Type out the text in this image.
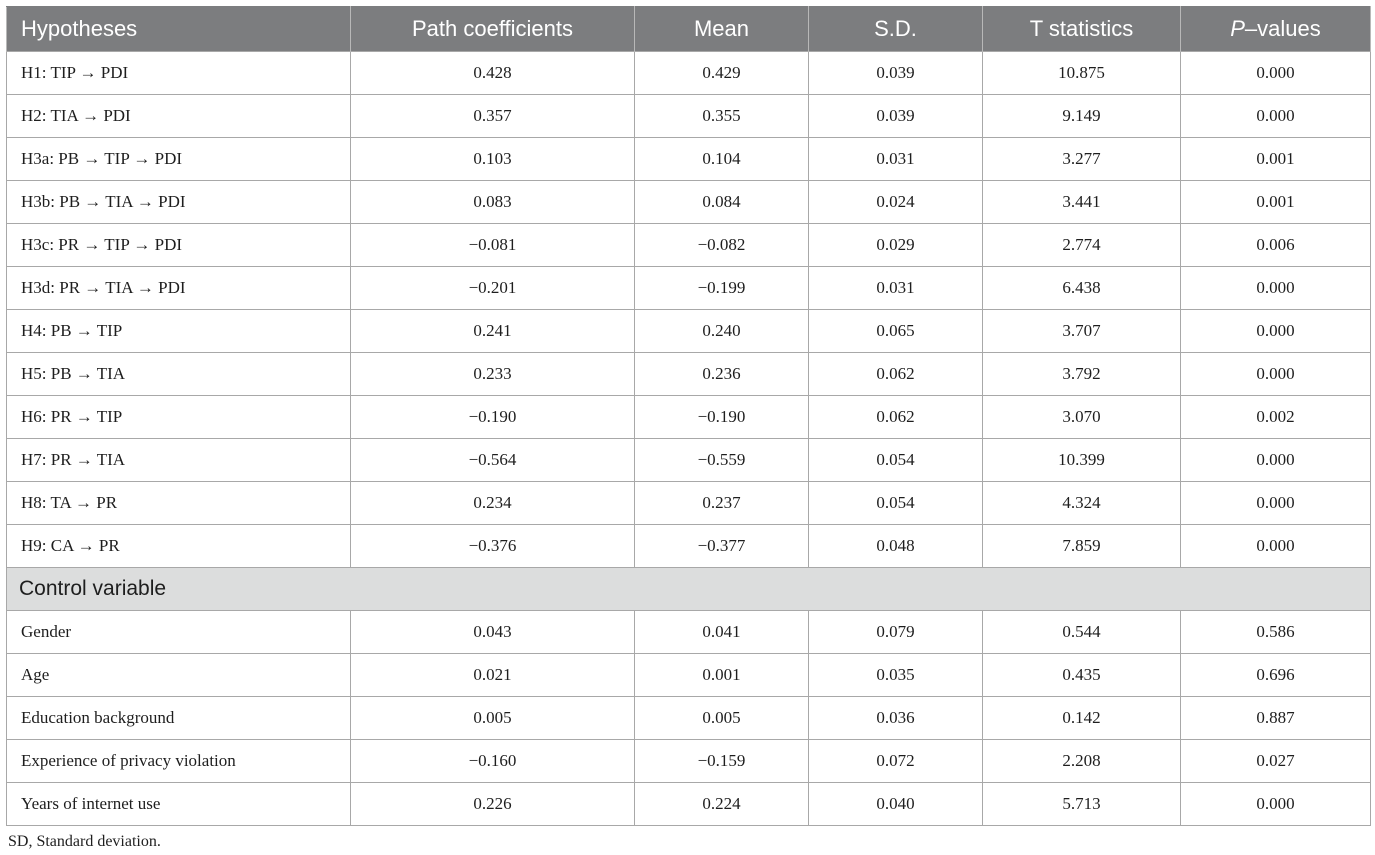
Hypotheses	Path coefficients	Mean	S.D.	T statistics	P–values
H1: TIP → PDI	0.428	0.429	0.039	10.875	0.000
H2: TIA → PDI	0.357	0.355	0.039	9.149	0.000
H3a: PB → TIP → PDI	0.103	0.104	0.031	3.277	0.001
H3b: PB → TIA → PDI	0.083	0.084	0.024	3.441	0.001
H3c: PR → TIP → PDI	−0.081	−0.082	0.029	2.774	0.006
H3d: PR → TIA → PDI	−0.201	−0.199	0.031	6.438	0.000
H4: PB → TIP	0.241	0.240	0.065	3.707	0.000
H5: PB → TIA	0.233	0.236	0.062	3.792	0.000
H6: PR → TIP	−0.190	−0.190	0.062	3.070	0.002
H7: PR → TIA	−0.564	−0.559	0.054	10.399	0.000
H8: TA → PR	0.234	0.237	0.054	4.324	0.000
H9: CA → PR	−0.376	−0.377	0.048	7.859	0.000
Control variable					
Gender	0.043	0.041	0.079	0.544	0.586
Age	0.021	0.001	0.035	0.435	0.696
Education background	0.005	0.005	0.036	0.142	0.887
Experience of privacy violation	−0.160	−0.159	0.072	2.208	0.027
Years of internet use	0.226	0.224	0.040	5.713	0.000
SD, Standard deviation.
